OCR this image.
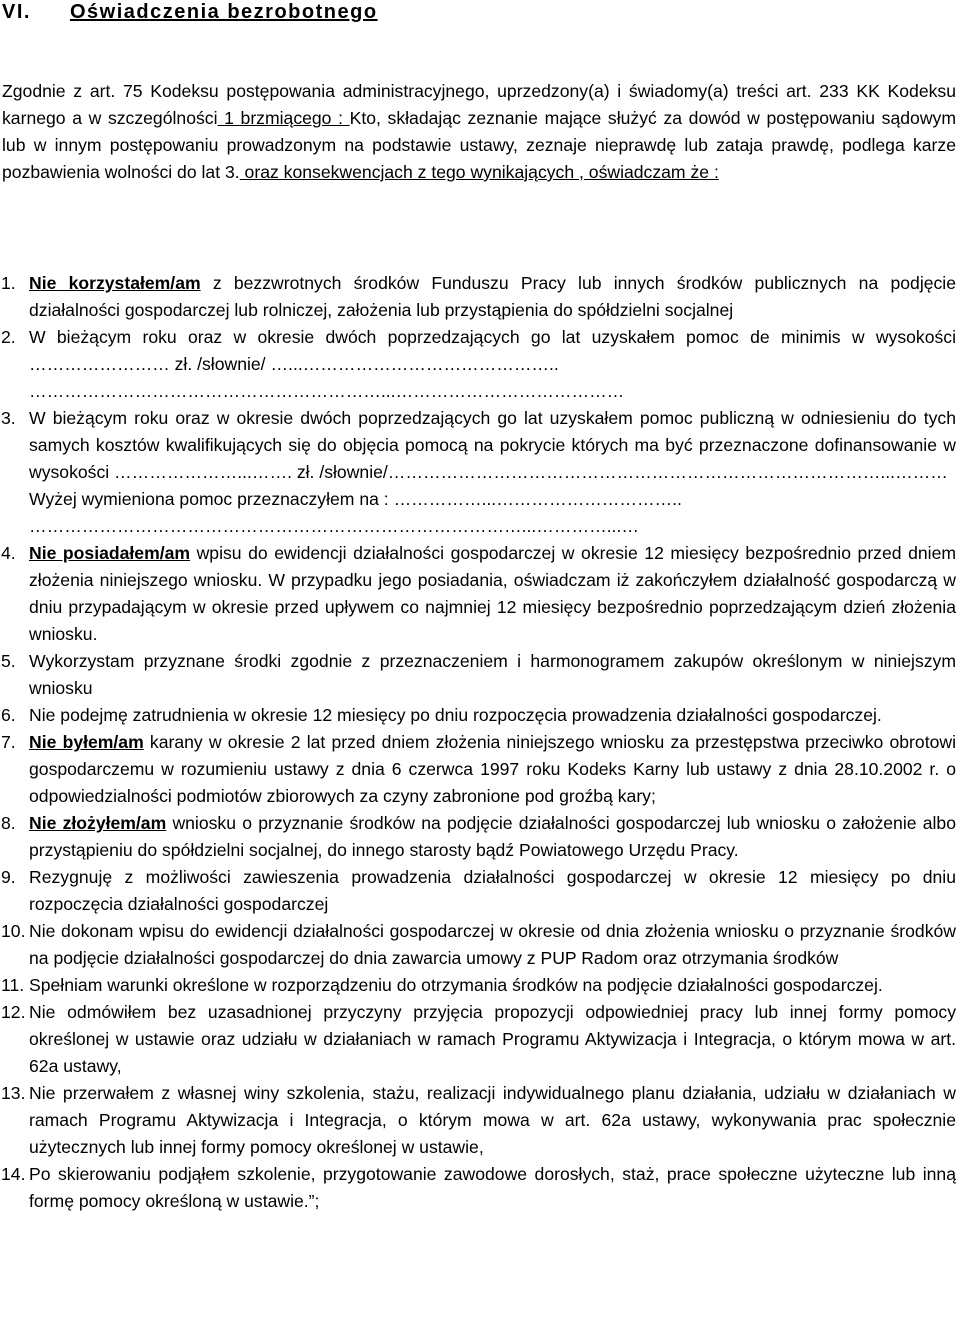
VI. Oświadczenia bezrobotnego
Zgodnie z art. 75 Kodeksu postępowania administracyjnego, uprzedzony(a) i świadomy(a) treści art. 233 KK Kodeksu karnego a w szczególności 1 brzmiącego : Kto, składając zeznanie mające służyć za dowód w postępowaniu sądowym lub w innym postępowaniu prowadzonym na podstawie ustawy, zeznaje nieprawdę lub zataja prawdę, podlega karze pozbawienia wolności do lat 3. oraz konsekwencjach z tego wynikających , oświadczam że :
1. Nie korzystałem/am z bezzwrotnych środków Funduszu Pracy lub innych środków publicznych na podjęcie działalności gospodarczej lub rolniczej, założenia lub przystąpienia do spółdzielni socjalnej
2. W bieżącym roku oraz w okresie dwóch poprzedzających go lat uzyskałem pomoc de minimis w wysokości …………………… zł. /słownie/ …...……………………………………..
……………………………………………………...…………………………………
3. W bieżącym roku oraz w okresie dwóch poprzedzających go lat uzyskałem pomoc publiczną w odniesieniu do tych samych kosztów kwalifikujących się do objęcia pomocą na pokrycie których ma być przeznaczone dofinansowanie w wysokości …………………...……. zł. /słownie/…………………………………………………………………………...………
Wyżej wymieniona pomoc przeznaczyłem na : ……………...…………………………..
…………………………………………………………………………...…………...…
4. Nie posiadałem/am wpisu do ewidencji działalności gospodarczej w okresie 12 miesięcy bezpośrednio przed dniem złożenia niniejszego wniosku. W przypadku jego posiadania, oświadczam iż zakończyłem działalność gospodarczą w dniu przypadającym w okresie przed upływem co najmniej 12 miesięcy bezpośrednio poprzedzającym dzień złożenia wniosku.
5. Wykorzystam przyznane środki zgodnie z przeznaczeniem i harmonogramem zakupów określonym w niniejszym wniosku
6. Nie podejmę zatrudnienia w okresie 12 miesięcy po dniu rozpoczęcia prowadzenia działalności gospodarczej.
7. Nie byłem/am karany w okresie 2 lat przed dniem złożenia niniejszego wniosku za przestępstwa przeciwko obrotowi gospodarczemu w rozumieniu ustawy z dnia 6 czerwca 1997 roku Kodeks Karny lub ustawy z dnia 28.10.2002 r. o odpowiedzialności podmiotów zbiorowych za czyny zabronione pod groźbą kary;
8. Nie złożyłem/am wniosku o przyznanie środków na podjęcie działalności gospodarczej lub wniosku o założenie albo przystąpieniu do spółdzielni socjalnej, do innego starosty bądź Powiatowego Urzędu Pracy.
9. Rezygnuję z możliwości zawieszenia prowadzenia działalności gospodarczej w okresie 12 miesięcy po dniu rozpoczęcia działalności gospodarczej
10. Nie dokonam wpisu do ewidencji działalności gospodarczej w okresie od dnia złożenia wniosku o przyznanie środków na podjęcie działalności gospodarczej do dnia zawarcia umowy z PUP Radom oraz otrzymania środków
11. Spełniam warunki określone w rozporządzeniu do otrzymania środków na podjęcie działalności gospodarczej.
12. Nie odmówiłem bez uzasadnionej przyczyny przyjęcia propozycji odpowiedniej pracy lub innej formy pomocy określonej w ustawie oraz udziału w działaniach w ramach Programu Aktywizacja i Integracja, o którym mowa w art. 62a ustawy,
13. Nie przerwałem z własnej winy szkolenia, stażu, realizacji indywidualnego planu działania, udziału w działaniach w ramach Programu Aktywizacja i Integracja, o którym mowa w art. 62a ustawy, wykonywania prac społecznie użytecznych lub innej formy pomocy określonej w ustawie,
14. Po skierowaniu podjąłem szkolenie, przygotowanie zawodowe dorosłych, staż, prace społeczne użyteczne lub inną formę pomocy określoną w ustawie.”;
